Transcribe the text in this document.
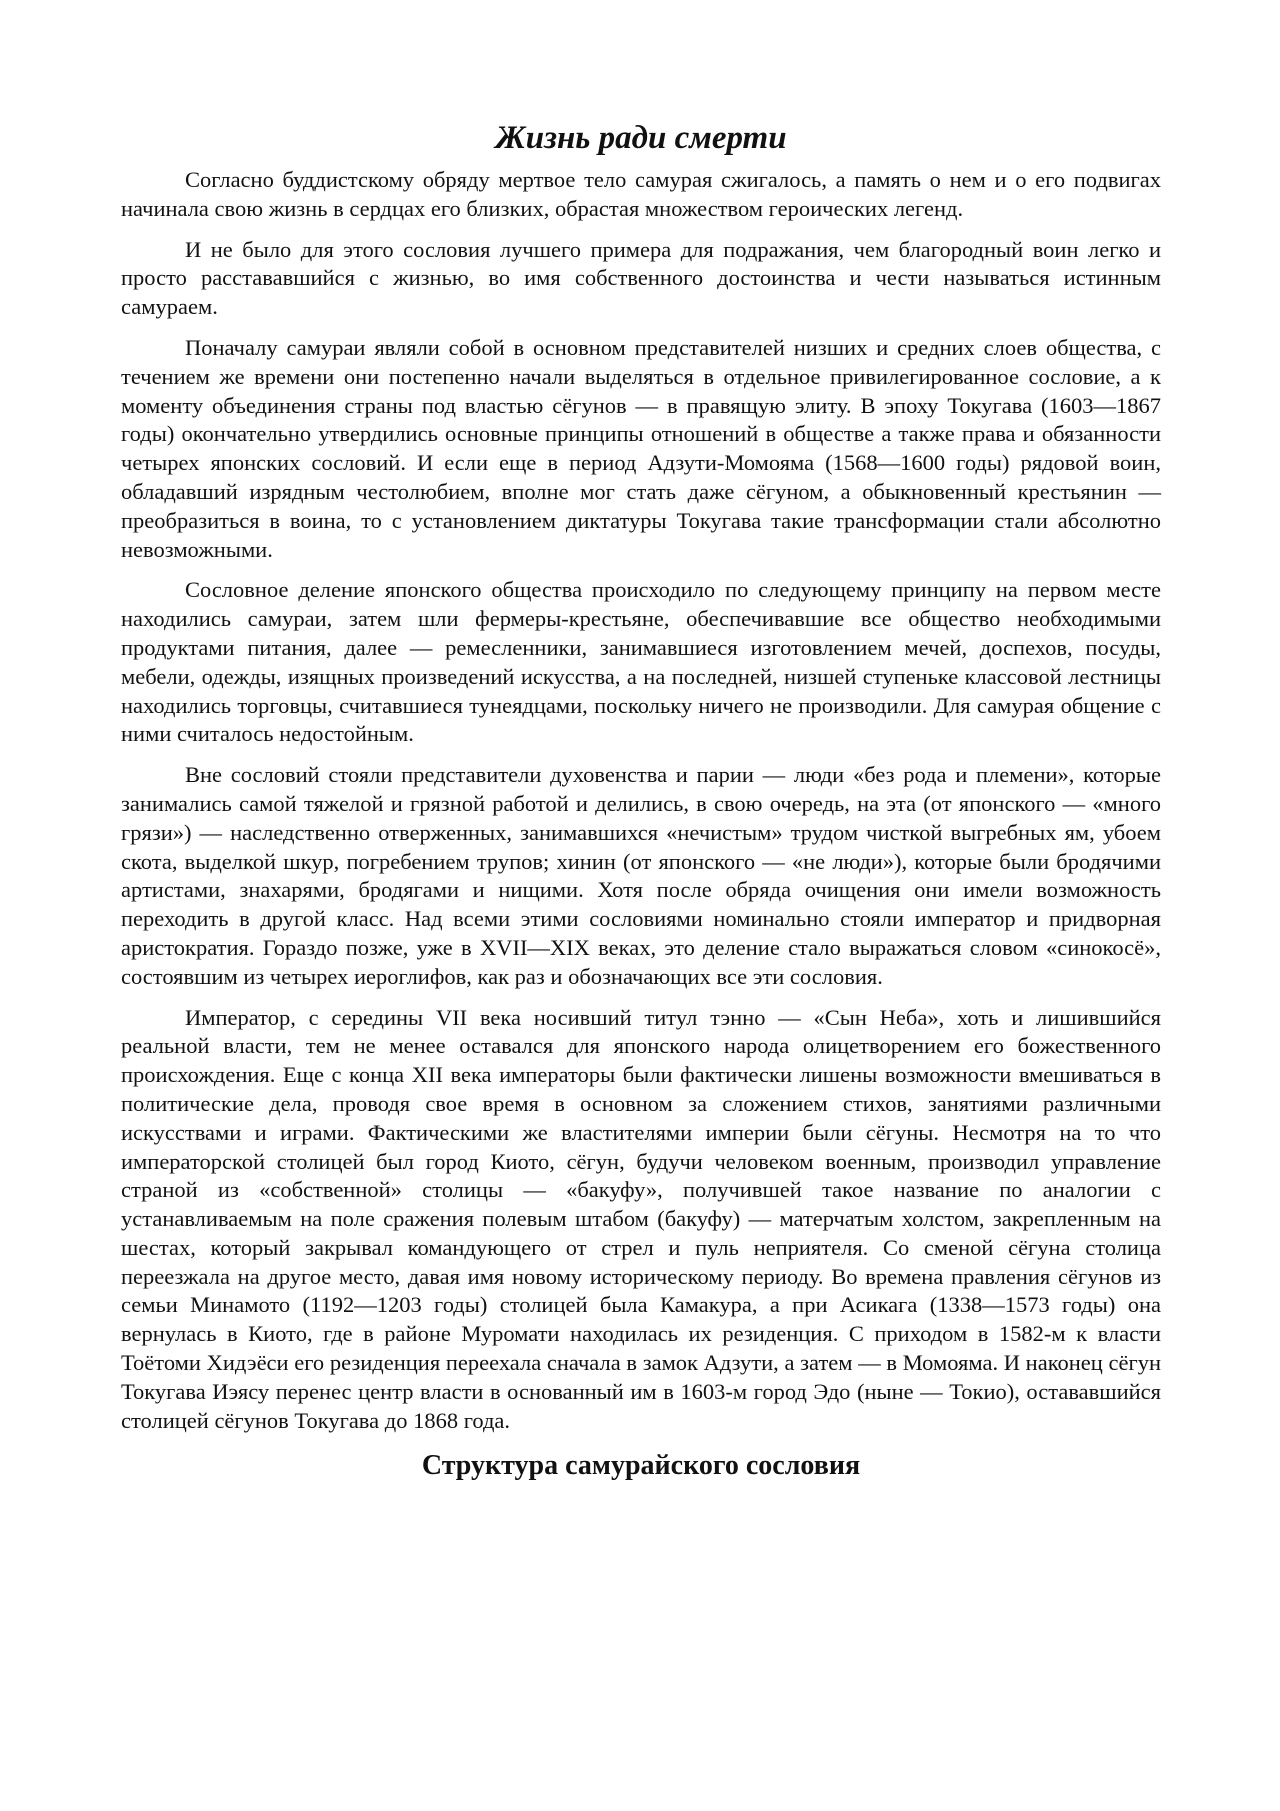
Жизнь ради смерти

Согласно буддистскому обряду мертвое тело самурая сжигалось, а память о нем и о его подвигах начинала свою жизнь в сердцах его близких, обрастая множеством героических легенд.

И не было для этого сословия лучшего примера для подражания, чем благородный воин легко и просто расстававшийся с жизнью, во имя собственного достоинства и чести называться истинным самураем.

Поначалу самураи являли собой в основном представителей низших и средних слоев общества, с течением же времени они постепенно начали выделяться в отдельное привилегированное сословие, а к моменту объединения страны под властью сёгунов — в правящую элиту. В эпоху Токугава (1603—1867 годы) окончательно утвердились основные принципы отношений в обществе а также права и обязанности четырех японских сословий. И если еще в период Адзути-Момояма (1568—1600 годы) рядовой воин, обладавший изрядным честолюбием, вполне мог стать даже сёгуном, а обыкновенный крестьянин — преобразиться в воина, то с установлением диктатуры Токугава такие трансформации стали абсолютно невозможными.

Сословное деление японского общества происходило по следующему принципу на первом месте находились самураи, затем шли фермеры-крестьяне, обеспечивавшие все общество необходимыми продуктами питания, далее — ремесленники, занимавшиеся изготовлением мечей, доспехов, посуды, мебели, одежды, изящных произведений искусства, а на последней, низшей ступеньке классовой лестницы находились торговцы, считавшиеся тунеядцами, поскольку ничего не производили. Для самурая общение с ними считалось недостойным.

Вне сословий стояли представители духовенства и парии — люди «без рода и племени», которые занимались самой тяжелой и грязной работой и делились, в свою очередь, на эта (от японского — «много грязи») — наследственно отверженных, занимавшихся «нечистым» трудом чисткой выгребных ям, убоем скота, выделкой шкур, погребением трупов; хинин (от японского — «не люди»), которые были бродячими артистами, знахарями, бродягами и нищими. Хотя после обряда очищения они имели возможность переходить в другой класс. Над всеми этими сословиями номинально стояли император и придворная аристократия. Гораздо позже, уже в XVII—XIX веках, это деление стало выражаться словом «синокосё», состоявшим из четырех иероглифов, как раз и обозначающих все эти сословия.

Император, с середины VII века носивший титул тэнно — «Сын Неба», хоть и лишившийся реальной власти, тем не менее оставался для японского народа олицетворением его божественного происхождения. Еще с конца XII века императоры были фактически лишены возможности вмешиваться в политические дела, проводя свое время в основном за сложением стихов, занятиями различными искусствами и играми. Фактическими же властителями империи были сёгуны. Несмотря на то что императорской столицей был город Киото, сёгун, будучи человеком военным, производил управление страной из «собственной» столицы — «бакуфу», получившей такое название по аналогии с устанавливаемым на поле сражения полевым штабом (бакуфу) — матерчатым холстом, закрепленным на шестах, который закрывал командующего от стрел и пуль неприятеля. Со сменой сёгуна столица переезжала на другое место, давая имя новому историческому периоду. Во времена правления сёгунов из семьи Минамото (1192—1203 годы) столицей была Камакура, а при Асикага (1338—1573 годы) она вернулась в Киото, где в районе Муромати находилась их резиденция. С приходом в 1582-м к власти Тоётоми Хидэёси его резиденция переехала сначала в замок Адзути, а затем — в Момояма. И наконец сёгун Токугава Иэясу перенес центр власти в основанный им в 1603-м город Эдо (ныне — Токио), остававшийся столицей сёгунов Токугава до 1868 года.

Структура самурайского сословия
